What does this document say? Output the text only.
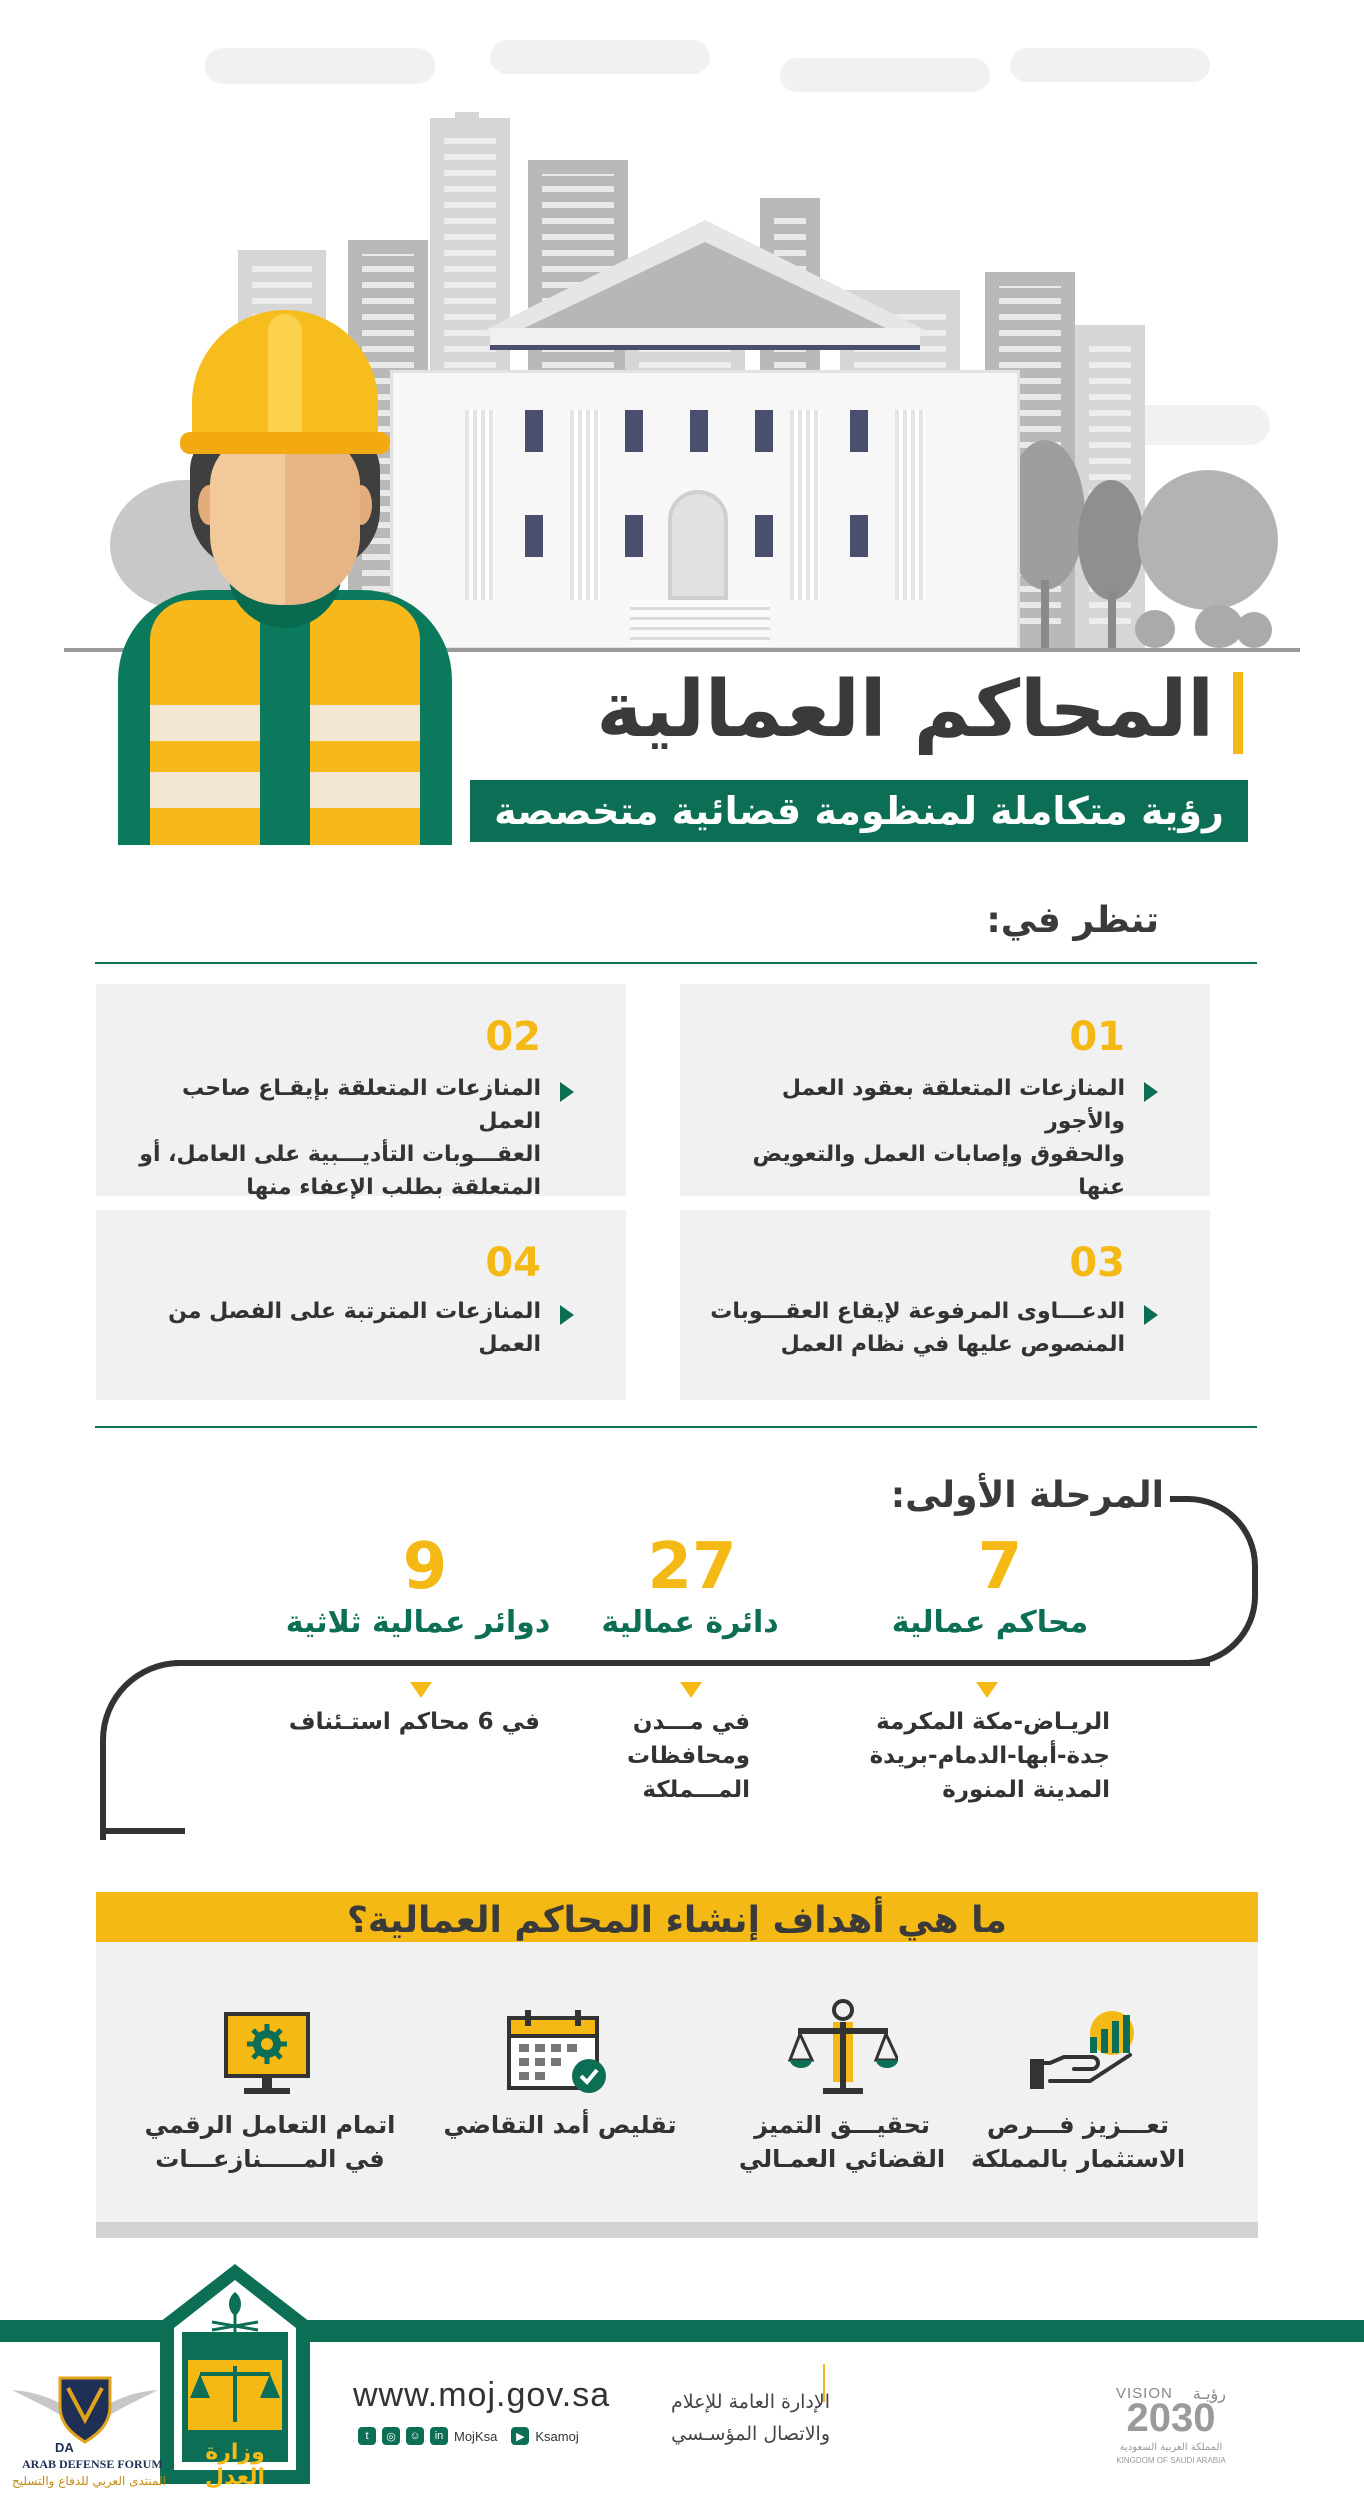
المحاكم العمالية
رؤية متكاملة لمنظومة قضائية متخصصة
تنظر في:
01
المنازعات المتعلقة بعقود العمل والأجور
والحقوق وإصابات العمل والتعويض عنها
02
المنازعات المتعلقة بإيقـاع صاحب العمل
العقـــوبات التأديـــبية على العامل، أو
المتعلقة بطلب الإعفاء منها
03
الدعـــاوى المرفوعة لإيقاع العقـــوبات
المنصوص عليها في نظام العمل
04
المنازعات المترتبة على الفصل من العمل
المرحلة الأولى:
7
محاكم عمالية
الريـاض-مكة المكرمة
جدة-أبها-الدمام-بريدة
المدينة المنورة
27
دائرة عمالية
في مـــدن
ومحافظات
المـــملكة
9
دوائر عمالية ثلاثية
في 6 محاكم استـئناف
ما هي أهداف إنشاء المحاكم العمالية؟
تعـــزيز فـــرص
الاستثمار بالمملكة
تحقيـــق التميز
القضائي العمـالي
تقليص أمد التقاضي
اتمام التعامل الرقمي
في المـــــنازعـــات
وزارة العدل
DA
ARAB DEFENSE FORUM
المنتدى العربي للدفاع والتسليح
www.moj.gov.sa
t	◎	☺	in MojKsa	▶ Ksamoj
الإدارة العامة للإعلام
والاتصال المؤسـسي
VISION رؤيـة
2030
المملكة العربية السعودية
KINGDOM OF SAUDI ARABIA
